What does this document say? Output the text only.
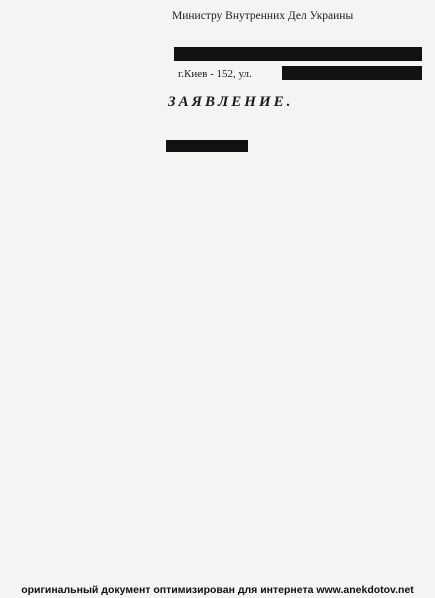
Министру Внутренних Дел Украины
г.Киев - 152, ул.
ЗАЯВЛЕНИЕ.

оригинальный документ оптимизирован для интернета www.anekdotov.net
